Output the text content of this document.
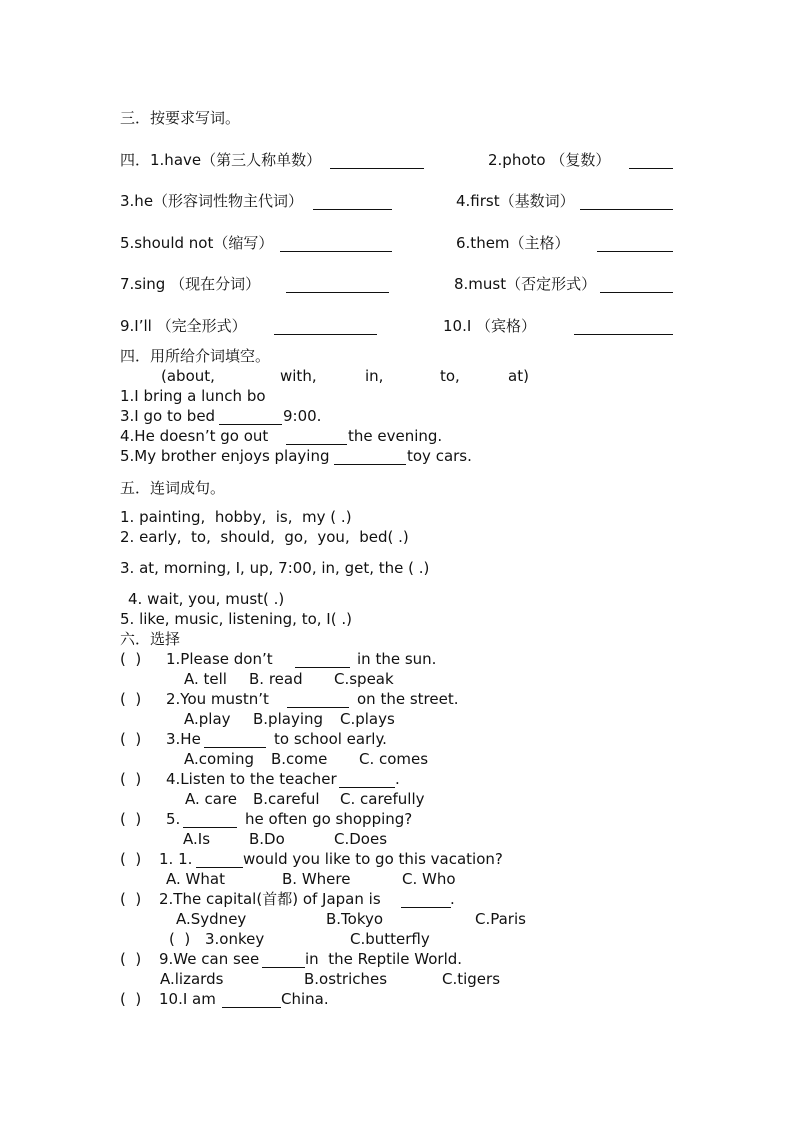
三．按要求写词。
四．1.have（第三人称单数）	2.photo （复数）
3.he（形容词性物主代词）	4.first（基数词）
5.should not（缩写）	6.them（主格）
7.sing （现在分词）	8.must（否定形式）
9.I’ll （完全形式）	10.I （宾格）
四．用所给介词填空。
(about,	with,	in,	to,	at)
1.I bring a lunch bo
3.I go to bed	9:00.
4.He doesn’t go out	the evening.
5.My brother enjoys playing	toy cars.
五．连词成句。
1. painting,  hobby,  is,  my ( .)
2. early,  to,  should,  go,  you,  bed( .)
3. at, morning, I, up, 7:00, in, get, the ( .)
4. wait, you, must( .)
5. like, music, listening, to, I( .)
六．选择
(  ) 1.Please don’t	in the sun.
A. tell B. read C.speak
(  ) 2.You mustn’t	on the street.
A.play B.playing C.plays
(  ) 3.He	to school early.
A.coming B.come C. comes
(  ) 4.Listen to the teacher	.
A. care B.careful C. carefully
(  ) 5.	he often go shopping?
A.Is	B.Do	C.Does
(  ) 1. 1.	would you like to go this vacation?
A. What	B. Where	C. Who
(  ) 2.The capital(首都) of Japan is	.
A.Sydney	B.Tokyo	C.Paris
(  ) 3.onkey	C.butterfly
(  ) 9.We can see	in  the Reptile World.
A.lizards	B.ostriches	C.tigers
(  ) 10.I am	China.
